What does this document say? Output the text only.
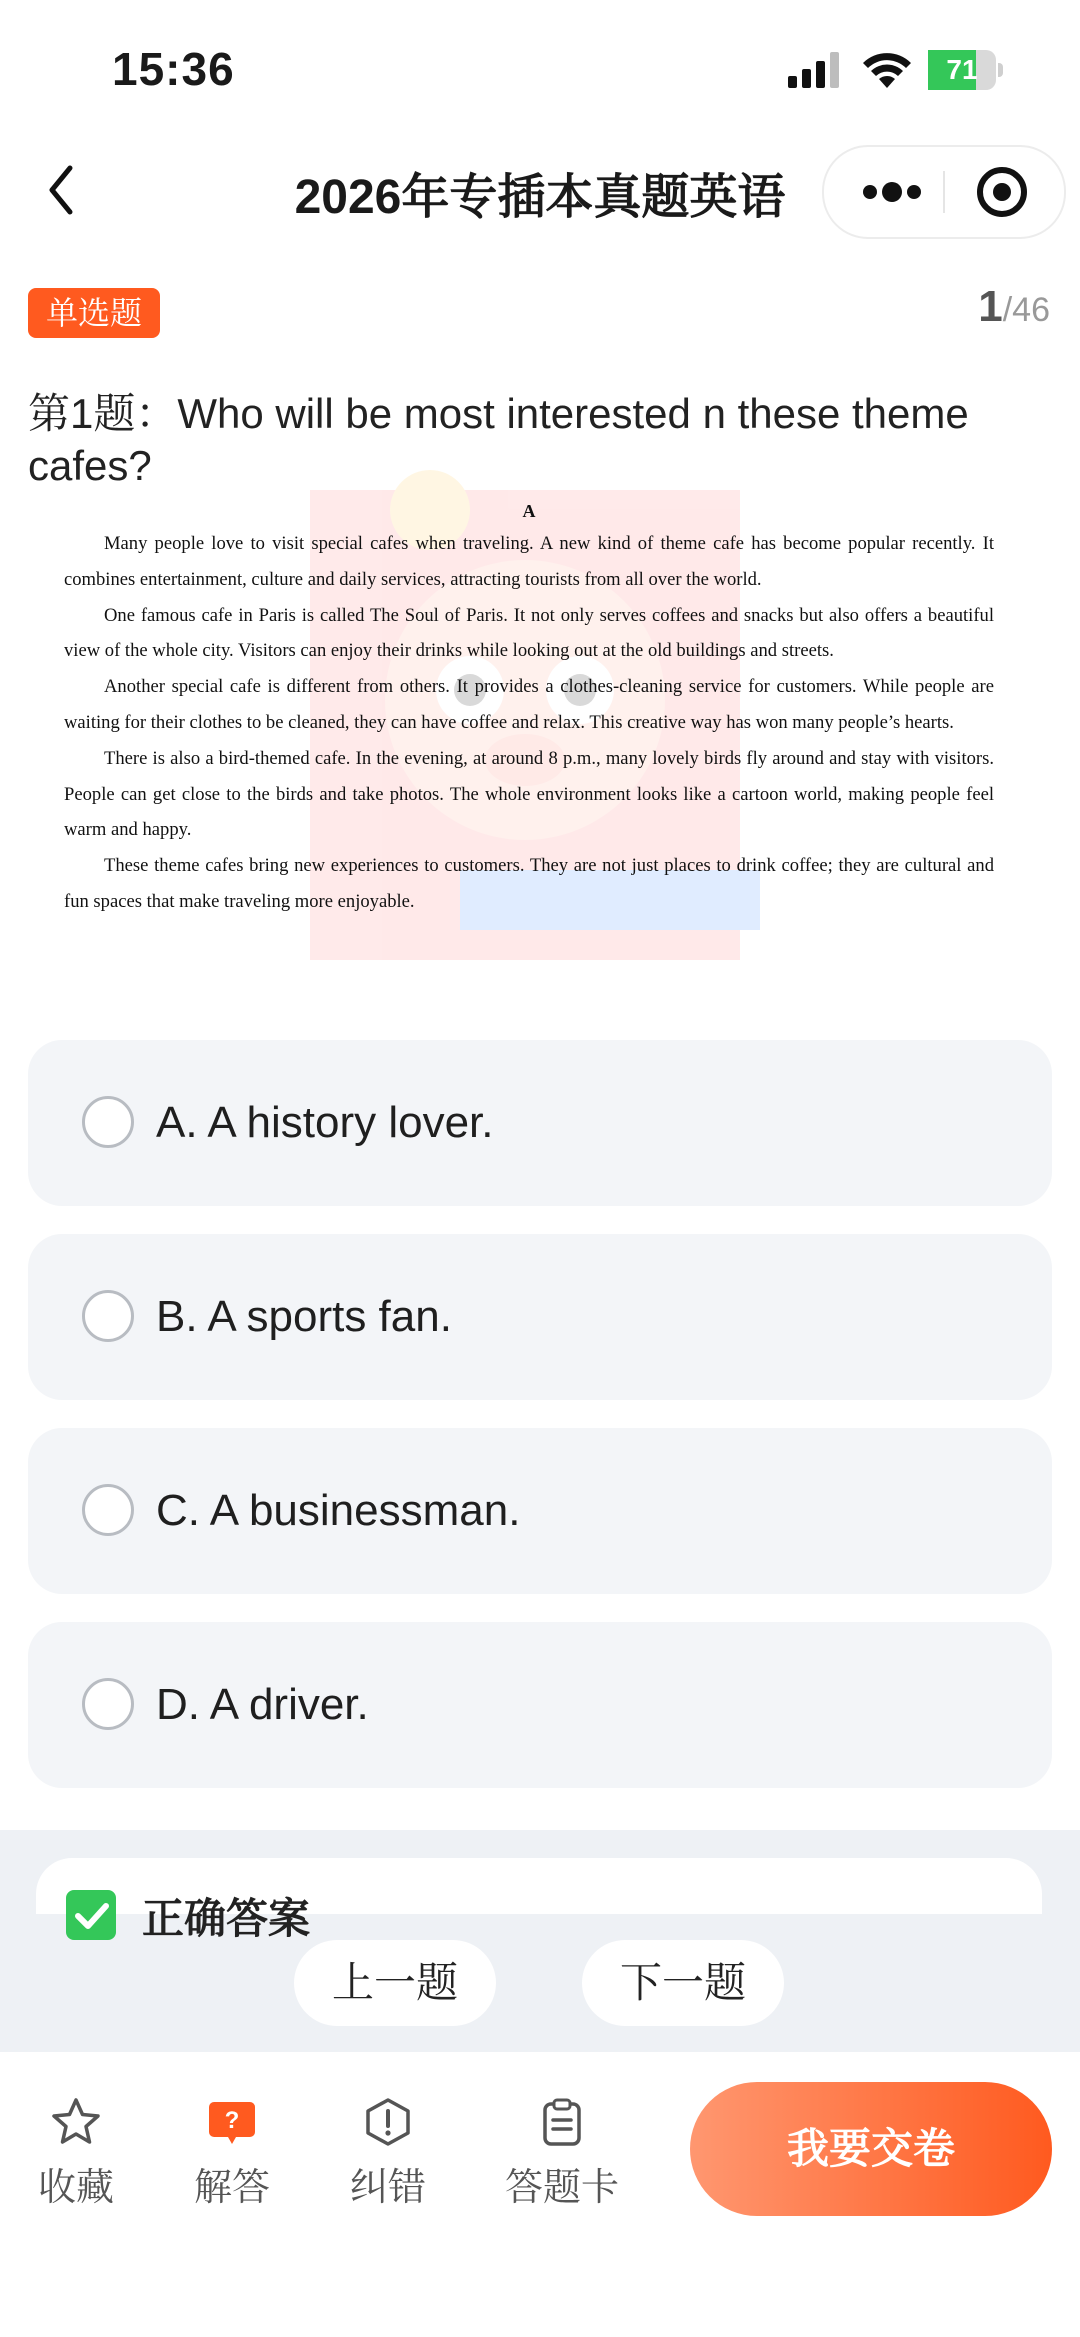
15:36	71
2026年专插本真题英语
单选题	1/46
第1题：Who will be most interested n these theme cafes?
A

Many people love to visit special cafes when traveling. A new kind of theme cafe has become popular recently. It combines entertainment, culture and daily services, attracting tourists from all over the world.

One famous cafe in Paris is called The Soul of Paris. It not only serves coffees and snacks but also offers a beautiful view of the whole city. Visitors can enjoy their drinks while looking out at the old buildings and streets.

Another special cafe is different from others. It provides a clothes-cleaning service for customers. While people are waiting for their clothes to be cleaned, they can have coffee and relax. This creative way has won many people’s hearts.

There is also a bird-themed cafe. In the evening, at around 8 p.m., many lovely birds fly around and stay with visitors. People can get close to the birds and take photos. The whole environment looks like a cartoon world, making people feel warm and happy.

These theme cafes bring new experiences to customers. They are not just places to drink coffee; they are cultural and fun spaces that make traveling more enjoyable.

A. A history lover.
B. A sports fan.
C. A businessman.
D. A driver.
正确答案
上一题	下一题
收藏
?
解答	纠错	答题卡
我要交卷
